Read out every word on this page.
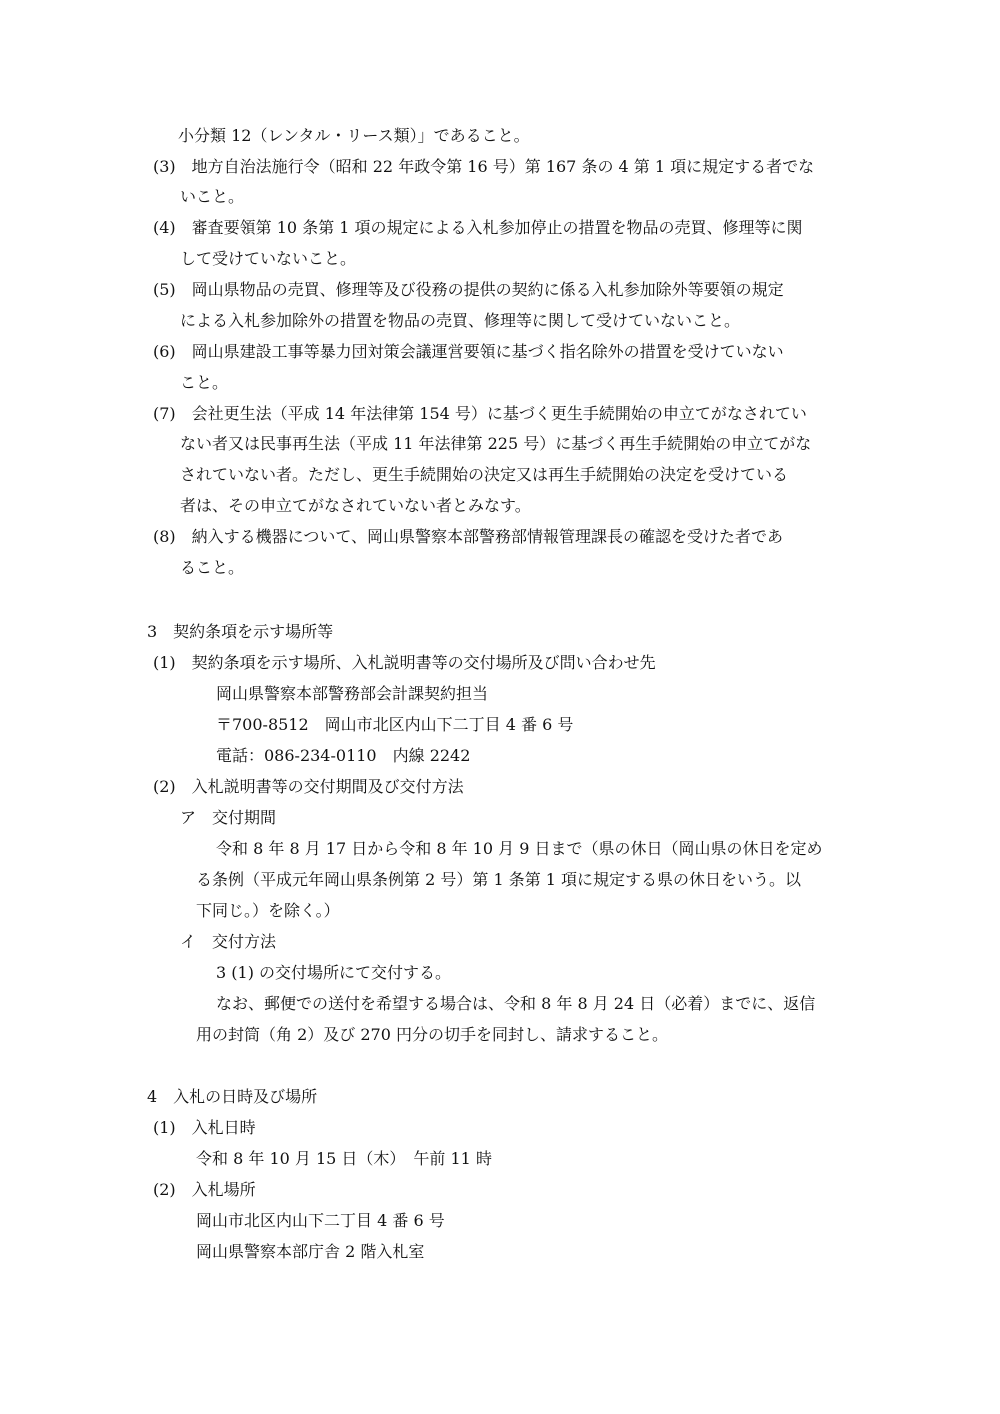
小分類 12（レンタル・リース類）」であること。
(3)　地方自治法施行令（昭和 22 年政令第 16 号）第 167 条の 4 第 1 項に規定する者でな
いこと。
(4)　審査要領第 10 条第 1 項の規定による入札参加停止の措置を物品の売買、修理等に関
して受けていないこと。
(5)　岡山県物品の売買、修理等及び役務の提供の契約に係る入札参加除外等要領の規定
による入札参加除外の措置を物品の売買、修理等に関して受けていないこと。
(6)　岡山県建設工事等暴力団対策会議運営要領に基づく指名除外の措置を受けていない
こと。
(7)　会社更生法（平成 14 年法律第 154 号）に基づく更生手続開始の申立てがなされてい
ない者又は民事再生法（平成 11 年法律第 225 号）に基づく再生手続開始の申立てがな
されていない者。ただし、更生手続開始の決定又は再生手続開始の決定を受けている
者は、その申立てがなされていない者とみなす。
(8)　納入する機器について、岡山県警察本部警務部情報管理課長の確認を受けた者であ
ること。
3　契約条項を示す場所等
(1)　契約条項を示す場所、入札説明書等の交付場所及び問い合わせ先
岡山県警察本部警務部会計課契約担当
〒700-8512　岡山市北区内山下二丁目 4 番 6 号
電話：086-234-0110　内線 2242
(2)　入札説明書等の交付期間及び交付方法
ア　交付期間
令和 8 年 8 月 17 日から令和 8 年 10 月 9 日まで（県の休日（岡山県の休日を定め
る条例（平成元年岡山県条例第 2 号）第 1 条第 1 項に規定する県の休日をいう。以
下同じ。）を除く。）
イ　交付方法
3 (1) の交付場所にて交付する。
なお、郵便での送付を希望する場合は、令和 8 年 8 月 24 日（必着）までに、返信
用の封筒（角 2）及び 270 円分の切手を同封し、請求すること。
4　入札の日時及び場所
(1)　入札日時
令和 8 年 10 月 15 日（木）　午前 11 時
(2)　入札場所
岡山市北区内山下二丁目 4 番 6 号
岡山県警察本部庁舎 2 階入札室
